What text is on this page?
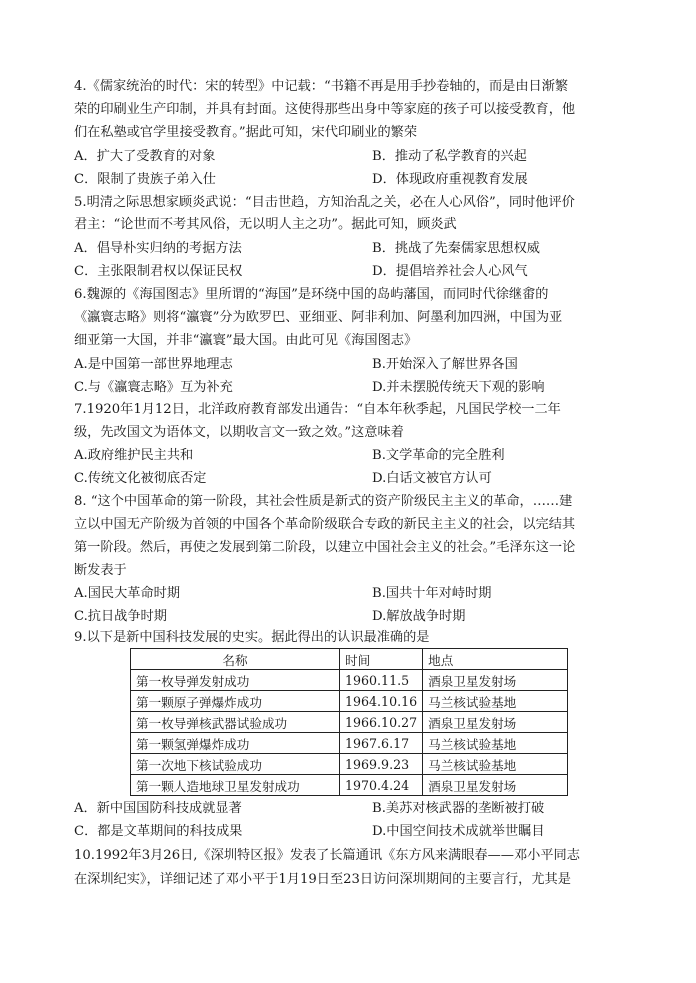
4.《儒家统治的时代：宋的转型》中记载：“书籍不再是用手抄卷轴的，而是由日渐繁
荣的印刷业生产印制，并具有封面。这使得那些出身中等家庭的孩子可以接受教育，他
们在私塾或官学里接受教育。”据此可知，宋代印刷业的繁荣
A．扩大了受教育的对象	B．推动了私学教育的兴起
C．限制了贵族子弟入仕	D．体现政府重视教育发展
5.明清之际思想家顾炎武说：“目击世趋，方知治乱之关，必在人心风俗”，同时他评价
君主：“论世而不考其风俗，无以明人主之功”。据此可知，顾炎武
A．倡导朴实归纳的考据方法	B．挑战了先秦儒家思想权威
C．主张限制君权以保证民权	D．提倡培养社会人心风气
6.魏源的《海国图志》里所谓的“海国”是环绕中国的岛屿藩国，而同时代徐继畬的
《瀛寰志略》则将“瀛寰”分为欧罗巴、亚细亚、阿非利加、阿墨利加四洲，中国为亚
细亚第一大国，并非“瀛寰”最大国。由此可见《海国图志》
A.是中国第一部世界地理志	B.开始深入了解世界各国
C.与《瀛寰志略》互为补充	D.并未摆脱传统天下观的影响
7.1920年1月12日，北洋政府教育部发出通告：“自本年秋季起，凡国民学校一二年
级，先改国文为语体文，以期收言文一致之效。”这意味着
A.政府维护民主共和	B.文学革命的完全胜利
C.传统文化被彻底否定	D.白话文被官方认可
8. “这个中国革命的第一阶段，其社会性质是新式的资产阶级民主主义的革命，……建
立以中国无产阶级为首领的中国各个革命阶级联合专政的新民主主义的社会，以完结其
第一阶段。然后，再使之发展到第二阶段，以建立中国社会主义的社会。”毛泽东这一论
断发表于
A.国民大革命时期	B.国共十年对峙时期
C.抗日战争时期	D.解放战争时期
9.以下是新中国科技发展的史实。据此得出的认识最准确的是
名称	时间	地点
第一枚导弹发射成功	1960.11.5	酒泉卫星发射场
第一颗原子弹爆炸成功	1964.10.16	马兰核试验基地
第一枚导弹核武器试验成功	1966.10.27	酒泉卫星发射场
第一颗氢弹爆炸成功	1967.6.17	马兰核试验基地
第一次地下核试验成功	1969.9.23	马兰核试验基地
第一颗人造地球卫星发射成功	1970.4.24	酒泉卫星发射场
A．新中国国防科技成就显著	B.美苏对核武器的垄断被打破
C．都是文革期间的科技成果	D.中国空间技术成就举世瞩目
10.1992年3月26日,《深圳特区报》发表了长篇通讯《东方风来满眼春——邓小平同志
在深圳纪实》，详细记述了邓小平于1月19日至23日访问深圳期间的主要言行，尤其是
